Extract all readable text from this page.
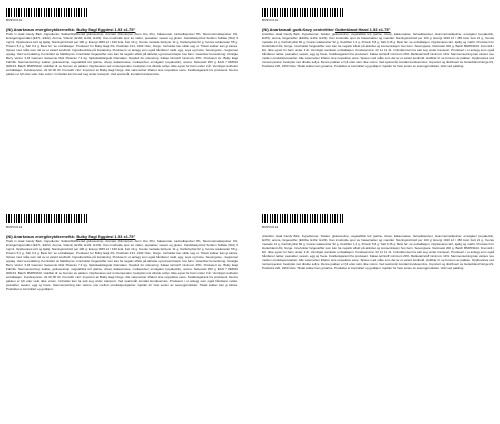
BMP03102
(NI) Anarkeaus energikeyktkernefkk: Bulky Eagl Eggdesi 1.53 x1.75"
Prebi in Haal Candy Bark. Ingredients: Sukker/Raffinerad glukosesirup, Aramaic (Dinoterpen Atom Ore 4%), Kakaosmør, Helmelkspulver 8%, Skummetmelkepulver 4%, Emulgeringsmiddel (E471, E322), Aroma, Vitamin (E160, E102, E133). Kan inneholde spor av nøtter, peanøtter, sesam og gluten. Kandidatsymbol Sodium Sulfate (Wxi) 5 mg/ml. Oppbevares tørt og kjølig. Næringsinnhold per 100 g: Energi 1845 kJ / 440 kcal, Fett 19 g, hvorav mettede fettsyrer 11 g, Karbohydrat 62 g, hvorav sukkerarter 55 g, Protein 5,4 g, Salt 0,2 g. Best før: se emballasjen. Produsert for Bulky Eagl AS, Postboks 414, 0102 Oslo, Norge. Innholdet kan skille seg ut. Tilsatt sukker kan gi karies. Spises med måte som del av et variert kosthold. Ingrediensliste på forpakning. Produsert i et anlegg som også håndterer melk, egg, soya og hvete. Sesongvare - begrenset opplag. Vekt ved pakking. Kontrollert av Mattilsynet. Inneholder fargestoffer som kan ha negativ effekt på aktivitet og konsentrasjon hos barn. Geteckter bemerkning: Utvalgte Berry Vector 3.18 Gasmen Geteemie Mutt Pluteran 7.3 kg. Sjokoladefargede bitersaker. Oppdelt for utlevering. Kakao tørrstoff minimum 25%. Produsert av: Bulky Eagl Fabrikk. Sammensetning: sukker, glukosesirup, vegetabilsk fett (palme, shea), kakaomasse, melkepulver, emulgator (soyalecitin), aroma. Nettovekt 250 g. EAN 7 038010 000123. Batch: BMP03102. Holdbar til: se bunnen av pakken. Oppbevares ved romtemperatur, beskyttet mot direkte sollys. Ikke egnet for barn under 3 år. Vennligst resirkuler emballasjen. Kundeservice: 22 00 00 00. Fremstilt i EU. Importert av Bulky Eagl Norge. Alle varemerker tilhører sine respektive eiere. Kvalitetsgaranti fra produsent. Denne pakken er fylt etter vekt, ikke volum. Innholdet kan ha satt seg under transport. Ved spørsmål, kontakt kundeservice.
BMP03102
(NI) Anarkeaudi godt-Kavy centrelitter Gutterkland Hand 1.53 x1.75"
Anterkler. Haal Candy Bark. Ingredienser: Sukker, glukosesirup, vegetabilsk fett (palme, shea), kakaomasse, helmelkspulver, skummetmelkpulver, emulgator (soyalecitin, E476), aroma, fargestoffer (E160a, E162, E133). Kan inneholde spor av hasselnøtter og mandler. Næringsinnhold per 100 g: Energi 1910 kJ / 456 kcal, Fett 21 g, hvorav mettede 12 g, Karbohydrat 60 g, hvorav sukkerarter 52 g, Kostfiber 1,2 g, Protein 5,8 g, Salt 0,15 g. Best før: se emballasjen. Oppbevares tørt, kjølig og mørkt. Produsert for Gutterkland AS, Norge. Inneholder fargestoffer som kan ha negativ effekt på aktivitet og konsentrasjon hos barn. Sesongvare. Nettovekt 200 g. Batch BMP03102. Fremstilt i EU. Ikke egnet for barn under 3 år. Vennligst resirkuler emballasjen. Kundeservice: 22 11 11 11. Innholdet kan ha satt seg under transport. Produsert i et anlegg som også håndterer nøtter, peanøtter, sesam, egg og hvete. Kvalitetsgaranti fra produsent. Kakao tørrstoff minimum 20%. Melketørrstoff minimum 14%. Sammensetning kan variere noe mellom produksjonspartier. Alle varemerker tilhører sine respektive eiere. Spises med måte som del av et variert kosthold. Holdbar til: se bunnen av pakken. Oppbevares ved romtemperatur, beskyttet mot direkte sollys. Denne pakken er fylt etter vekt, ikke volum. Ved spørsmål, kontakt kundeservice. Importert og distribuert av Gutterkland Norge AS, Postboks 220, 0150 Oslo. Tilsatt sukker kan gi karies. Produktet er kontrollert og godkjent. Gjelder for hele serien av sesongprodukter. Vekt ved pakking.
BMP03102
(NI) Anarkeaus energikeyktkernefkk: Bulky Eagl Eggdesi 1.53 x1.75"
Prebi in Haal Candy Bark. Ingredients: Sukker/Raffinerad glukosesirup, Aramaic (Dinoterpen Atom Ore 4%), Kakaosmør, Helmelkspulver 8%, Skummetmelkepulver 4%, Emulgeringsmiddel (E471, E322), Aroma, Vitamin (E160, E102, E133). Kan inneholde spor av nøtter, peanøtter, sesam og gluten. Kandidatsymbol Sodium Sulfate (Wxi) 5 mg/ml. Oppbevares tørt og kjølig. Næringsinnhold per 100 g: Energi 1845 kJ / 440 kcal, Fett 19 g, hvorav mettede fettsyrer 11 g, Karbohydrat 62 g, hvorav sukkerarter 55 g, Protein 5,4 g, Salt 0,2 g. Best før: se emballasjen. Produsert for Bulky Eagl AS, Postboks 414, 0102 Oslo, Norge. Innholdet kan skille seg ut. Tilsatt sukker kan gi karies. Spises med måte som del av et variert kosthold. Ingrediensliste på forpakning. Produsert i et anlegg som også håndterer melk, egg, soya og hvete. Sesongvare - begrenset opplag. Vekt ved pakking. Kontrollert av Mattilsynet. Inneholder fargestoffer som kan ha negativ effekt på aktivitet og konsentrasjon hos barn. Geteckter bemerkning: Utvalgte Berry Vector 3.18 Gasmen Geteemie Mutt Pluteran 7.3 kg. Sjokoladefargede bitersaker. Oppdelt for utlevering. Kakao tørrstoff minimum 25%. Produsert av: Bulky Eagl Fabrikk. Sammensetning: sukker, glukosesirup, vegetabilsk fett (palme, shea), kakaomasse, melkepulver, emulgator (soyalecitin), aroma. Nettovekt 250 g. EAN 7 038010 000123. Batch: BMP03102. Holdbar til: se bunnen av pakken. Oppbevares ved romtemperatur, beskyttet mot direkte sollys. Ikke egnet for barn under 3 år. Vennligst resirkuler emballasjen. Kundeservice: 22 00 00 00. Fremstilt i EU. Importert av Bulky Eagl Norge. Alle varemerker tilhører sine respektive eiere. Kvalitetsgaranti fra produsent. Denne pakken er fylt etter vekt, ikke volum. Innholdet kan ha satt seg under transport. Ved spørsmål, kontakt kundeservice. Produsert i et anlegg som også håndterer nøtter, peanøtter, sesam, egg og hvete. Sammensetning kan variere noe mellom produksjonspartier. Gjelder for hele serien av sesongprodukter. Tilsatt sukker kan gi karies. Produktet er kontrollert og godkjent.
BMP03102
Anterkler. Haal Candy Bark. Ingredienser: Sukker, glukosesirup, vegetabilsk fett (palme, shea), kakaomasse, helmelkspulver, skummetmelkpulver, emulgator (soyalecitin, E476), aroma, fargestoffer (E160a, E162, E133). Kan inneholde spor av hasselnøtter og mandler. Næringsinnhold per 100 g: Energi 1910 kJ / 456 kcal, Fett 21 g, hvorav mettede 12 g, Karbohydrat 60 g, hvorav sukkerarter 52 g, Kostfiber 1,2 g, Protein 5,8 g, Salt 0,15 g. Best før: se emballasjen. Oppbevares tørt, kjølig og mørkt. Produsert for Gutterkland AS, Norge. Inneholder fargestoffer som kan ha negativ effekt på aktivitet og konsentrasjon hos barn. Sesongvare. Nettovekt 200 g. Batch BMP03102. Fremstilt i EU. Ikke egnet for barn under 3 år. Vennligst resirkuler emballasjen. Kundeservice: 22 11 11 11. Innholdet kan ha satt seg under transport. Produsert i et anlegg som også håndterer nøtter, peanøtter, sesam, egg og hvete. Kvalitetsgaranti fra produsent. Kakao tørrstoff minimum 20%. Melketørrstoff minimum 14%. Sammensetning kan variere noe mellom produksjonspartier. Alle varemerker tilhører sine respektive eiere. Spises med måte som del av et variert kosthold. Holdbar til: se bunnen av pakken. Oppbevares ved romtemperatur, beskyttet mot direkte sollys. Denne pakken er fylt etter vekt, ikke volum. Ved spørsmål, kontakt kundeservice. Importert og distribuert av Gutterkland Norge AS, Postboks 220, 0150 Oslo. Tilsatt sukker kan gi karies. Produktet er kontrollert og godkjent. Gjelder for hele serien av sesongprodukter. Vekt ved pakking.
